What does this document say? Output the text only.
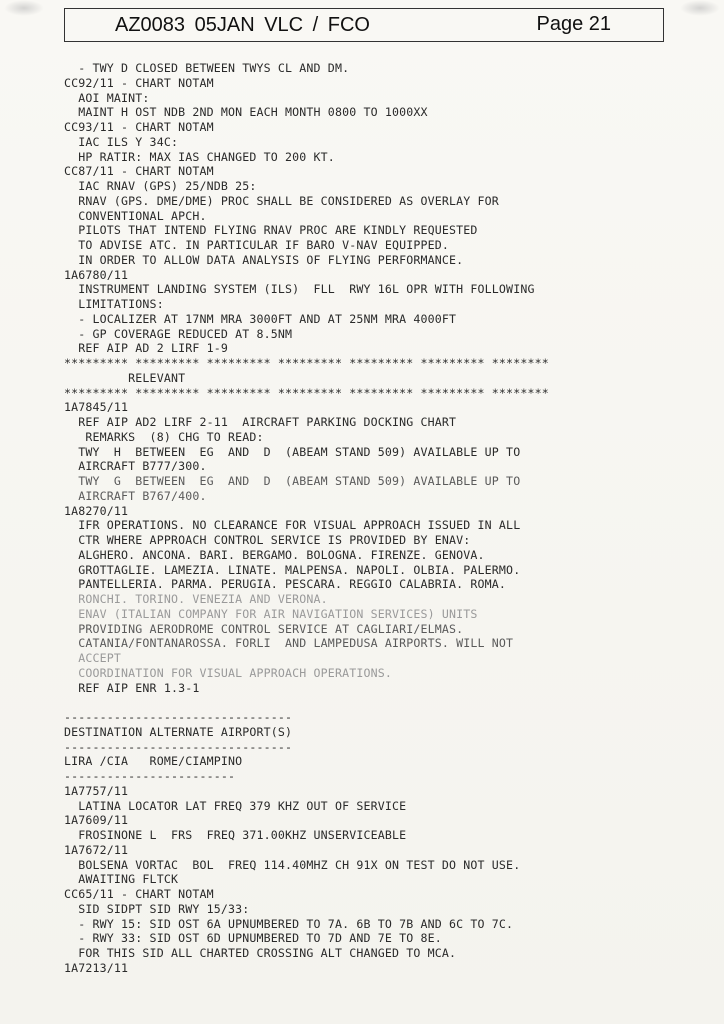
AZ0083 05JAN VLC / FCO	Page 21
- TWY D CLOSED BETWEEN TWYS CL AND DM.
CC92/11 - CHART NOTAM
AOI MAINT:
MAINT H OST NDB 2ND MON EACH MONTH 0800 TO 1000XX
CC93/11 - CHART NOTAM
IAC ILS Y 34C:
HP RATIR: MAX IAS CHANGED TO 200 KT.
CC87/11 - CHART NOTAM
IAC RNAV (GPS) 25/NDB 25:
RNAV (GPS. DME/DME) PROC SHALL BE CONSIDERED AS OVERLAY FOR
CONVENTIONAL APCH.
PILOTS THAT INTEND FLYING RNAV PROC ARE KINDLY REQUESTED
TO ADVISE ATC. IN PARTICULAR IF BARO V-NAV EQUIPPED.
IN ORDER TO ALLOW DATA ANALYSIS OF FLYING PERFORMANCE.
1A6780/11
INSTRUMENT LANDING SYSTEM (ILS)  FLL  RWY 16L OPR WITH FOLLOWING
LIMITATIONS:
- LOCALIZER AT 17NM MRA 3000FT AND AT 25NM MRA 4000FT
- GP COVERAGE REDUCED AT 8.5NM
REF AIP AD 2 LIRF 1-9
********* ********* ********* ********* ********* ********* ********
RELEVANT
********* ********* ********* ********* ********* ********* ********
1A7845/11
REF AIP AD2 LIRF 2-11  AIRCRAFT PARKING DOCKING CHART
REMARKS  (8) CHG TO READ:
TWY  H  BETWEEN  EG  AND  D  (ABEAM STAND 509) AVAILABLE UP TO
AIRCRAFT B777/300.
TWY  G  BETWEEN  EG  AND  D  (ABEAM STAND 509) AVAILABLE UP TO
AIRCRAFT B767/400.
1A8270/11
IFR OPERATIONS. NO CLEARANCE FOR VISUAL APPROACH ISSUED IN ALL
CTR WHERE APPROACH CONTROL SERVICE IS PROVIDED BY ENAV:
ALGHERO. ANCONA. BARI. BERGAMO. BOLOGNA. FIRENZE. GENOVA.
GROTTAGLIE. LAMEZIA. LINATE. MALPENSA. NAPOLI. OLBIA. PALERMO.
PANTELLERIA. PARMA. PERUGIA. PESCARA. REGGIO CALABRIA. ROMA.
RONCHI. TORINO. VENEZIA AND VERONA.
ENAV (ITALIAN COMPANY FOR AIR NAVIGATION SERVICES) UNITS
PROVIDING AERODROME CONTROL SERVICE AT CAGLIARI/ELMAS.
CATANIA/FONTANAROSSA. FORLI  AND LAMPEDUSA AIRPORTS. WILL NOT
ACCEPT
COORDINATION FOR VISUAL APPROACH OPERATIONS.
REF AIP ENR 1.3-1
--------------------------------
DESTINATION ALTERNATE AIRPORT(S)
--------------------------------
LIRA /CIA   ROME/CIAMPINO
------------------------
1A7757/11
LATINA LOCATOR LAT FREQ 379 KHZ OUT OF SERVICE
1A7609/11
FROSINONE L  FRS  FREQ 371.00KHZ UNSERVICEABLE
1A7672/11
BOLSENA VORTAC  BOL  FREQ 114.40MHZ CH 91X ON TEST DO NOT USE.
AWAITING FLTCK
CC65/11 - CHART NOTAM
SID SIDPT SID RWY 15/33:
- RWY 15: SID OST 6A UPNUMBERED TO 7A. 6B TO 7B AND 6C TO 7C.
- RWY 33: SID OST 6D UPNUMBERED TO 7D AND 7E TO 8E.
FOR THIS SID ALL CHARTED CROSSING ALT CHANGED TO MCA.
1A7213/11
